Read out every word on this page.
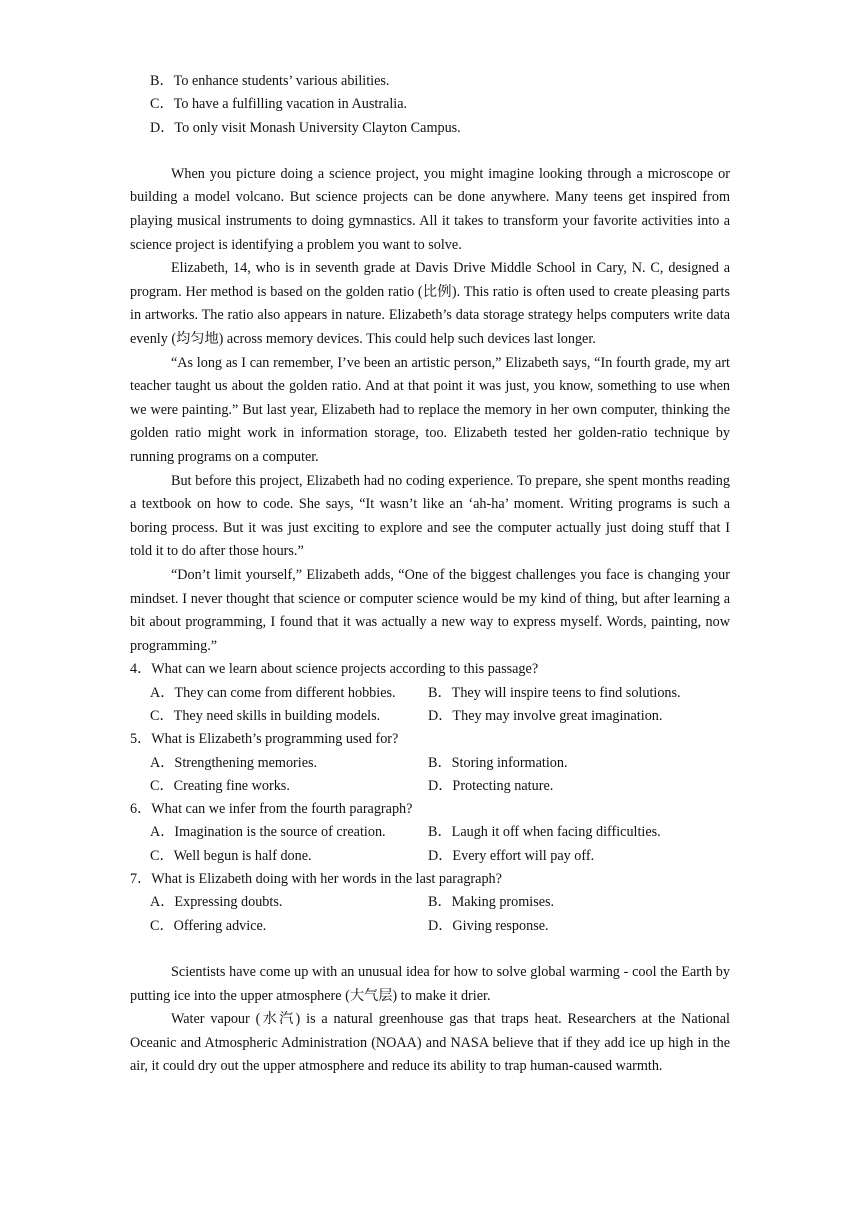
B．To enhance students’ various abilities.
C．To have a fulfilling vacation in Australia.
D．To only visit Monash University Clayton Campus.

When you picture doing a science project, you might imagine looking through a microscope or building a model volcano. But science projects can be done anywhere. Many teens get inspired from playing musical instruments to doing gymnastics. All it takes to transform your favorite activities into a science project is identifying a problem you want to solve.

Elizabeth, 14, who is in seventh grade at Davis Drive Middle School in Cary, N. C, designed a program. Her method is based on the golden ratio (比例). This ratio is often used to create pleasing parts in artworks. The ratio also appears in nature. Elizabeth’s data storage strategy helps computers write data evenly (均匀地) across memory devices. This could help such devices last longer.

“As long as I can remember, I’ve been an artistic person,” Elizabeth says, “In fourth grade, my art teacher taught us about the golden ratio. And at that point it was just, you know, something to use when we were painting.” But last year, Elizabeth had to replace the memory in her own computer, thinking the golden ratio might work in information storage, too. Elizabeth tested her golden-ratio technique by running programs on a computer.

But before this project, Elizabeth had no coding experience. To prepare, she spent months reading a textbook on how to code. She says, “It wasn’t like an ‘ah-ha’ moment. Writing programs is such a boring process. But it was just exciting to explore and see the computer actually just doing stuff that I told it to do after those hours.”

“Don’t limit yourself,” Elizabeth adds, “One of the biggest challenges you face is changing your mindset. I never thought that science or computer science would be my kind of thing, but after learning a bit about programming, I found that it was actually a new way to express myself. Words, painting, now programming.”

4．What can we learn about science projects according to this passage?
A．They can come from different hobbies.	B．They will inspire teens to find solutions.
C．They need skills in building models.	D．They may involve great imagination.
5．What is Elizabeth’s programming used for?
A．Strengthening memories.	B．Storing information.
C．Creating fine works.	D．Protecting nature.
6．What can we infer from the fourth paragraph?
A．Imagination is the source of creation.	B．Laugh it off when facing difficulties.
C．Well begun is half done.	D．Every effort will pay off.
7．What is Elizabeth doing with her words in the last paragraph?
A．Expressing doubts.	B．Making promises.
C．Offering advice.	D．Giving response.

Scientists have come up with an unusual idea for how to solve global warming - cool the Earth by putting ice into the upper atmosphere (大气层) to make it drier.

Water vapour (水汽) is a natural greenhouse gas that traps heat. Researchers at the National Oceanic and Atmospheric Administration (NOAA) and NASA believe that if they add ice up high in the air, it could dry out the upper atmosphere and reduce its ability to trap human-caused warmth.
